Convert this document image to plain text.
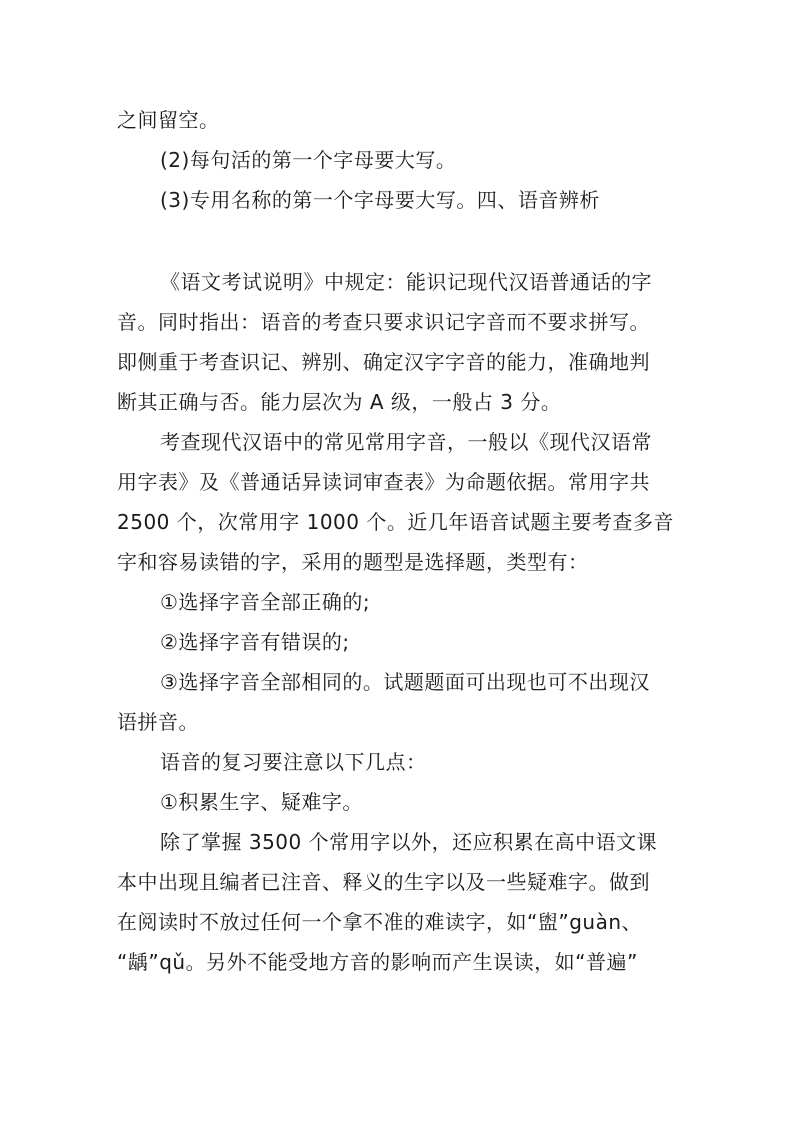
之间留空。
(2)每句活的第一个字母要大写。
(3)专用名称的第一个字母要大写。四、语音辨析
《语文考试说明》中规定：能识记现代汉语普通话的字
音。同时指出：语音的考查只要求识记字音而不要求拼写。
即侧重于考查识记、辨别、确定汉字字音的能力，准确地判
断其正确与否。能力层次为 A 级，一般占 3 分。
考查现代汉语中的常见常用字音，一般以《现代汉语常
用字表》及《普通话异读词审查表》为命题依据。常用字共
2500 个，次常用字 1000 个。近几年语音试题主要考查多音
字和容易读错的字，采用的题型是选择题，类型有：
①选择字音全部正确的;
②选择字音有错误的;
③选择字音全部相同的。试题题面可出现也可不出现汉
语拼音。
语音的复习要注意以下几点：
①积累生字、疑难字。
除了掌握 3500 个常用字以外，还应积累在高中语文课
本中出现且编者已注音、释义的生字以及一些疑难字。做到
在阅读时不放过任何一个拿不准的难读字，如“盥”guàn、
“龋”qǔ。另外不能受地方音的影响而产生误读，如“普遍”
